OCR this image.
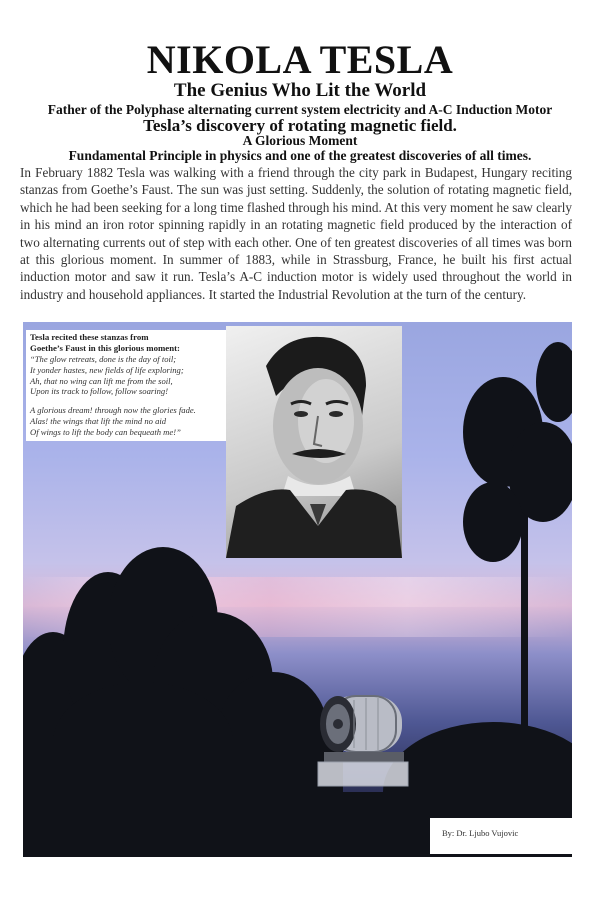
NIKOLA TESLA
The Genius Who Lit the World
Father of the Polyphase alternating current system electricity and A-C Induction Motor
Tesla’s discovery of rotating magnetic field.
A Glorious Moment
Fundamental Principle in physics and one of the greatest discoveries of all times.

In February 1882 Tesla was walking with a friend through the city park in Budapest, Hungary reciting stanzas from Goethe’s Faust. The sun was just setting. Suddenly, the solution of rotating magnetic field, which he had been seeking for a long time flashed through his mind. At this very moment he saw clearly in his mind an iron rotor spinning rapidly in an rotating magnetic field produced by the interaction of two alternating currents out of step with each other. One of ten greatest discoveries of all times was born at this glorious moment. In summer of 1883, while in Strassburg, France, he built his first actual induction motor and saw it run. Tesla’s A-C induction motor is widely used throughout the world in industry and household appliances. It started the Industrial Revolution at the turn of the century.

Tesla recited these stanzas from
Goethe’s Faust in this glorious moment:
“The glow retreats, done is the day of toil;
It yonder hastes, new fields of life exploring;
Ah, that no wing can lift me from the soil,
Upon its track to follow, follow soaring!
A glorious dream! through now the glories fade.
Alas! the wings that lift the mind no aid
Of wings to lift the body can bequeath me!”
By: Dr. Ljubo Vujovic
